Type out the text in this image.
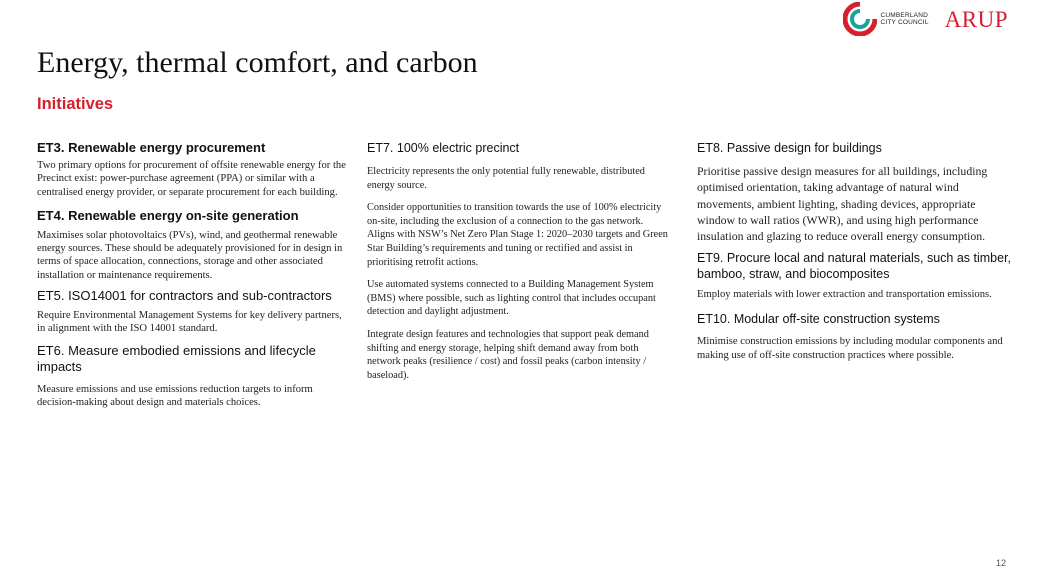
CUMBERLAND
CITY COUNCIL ARUP
Energy, thermal comfort, and carbon
Initiatives

ET3. Renewable energy procurement

Two primary options for procurement of offsite renewable energy for the Precinct exist: power-purchase agreement (PPA) or similar with a centralised energy provider, or separate procurement for each building.

ET4. Renewable energy on-site generation

Maximises solar photovoltaics (PVs), wind, and geothermal renewable energy sources. These should be adequately provisioned for in design in terms of space allocation, connections, storage and other associated installation or maintenance requirements.

ET5. ISO14001 for contractors and sub-contractors

Require Environmental Management Systems for key delivery partners, in alignment with the ISO 14001 standard.

ET6. Measure embodied emissions and lifecycle impacts

Measure emissions and use emissions reduction targets to inform decision-making about design and materials choices.

ET7. 100% electric precinct

Electricity represents the only potential fully renewable, distributed energy source.

Consider opportunities to transition towards the use of 100% electricity on-site, including the exclusion of a connection to the gas network. Aligns with NSW’s Net Zero Plan Stage 1: 2020–2030 targets and Green Star Building’s requirements and tuning or rectified and assist in prioritising retrofit actions.

Use automated systems connected to a Building Management System (BMS) where possible, such as lighting control that includes occupant detection and daylight adjustment.

Integrate design features and technologies that support peak demand shifting and energy storage, helping shift demand away from both network peaks (resilience / cost) and fossil peaks (carbon intensity / baseload).

ET8. Passive design for buildings

Prioritise passive design measures for all buildings, including optimised orientation, taking advantage of natural wind movements, ambient lighting, shading devices, appropriate window to wall ratios (WWR), and using high performance insulation and glazing to reduce overall energy consumption.

ET9. Procure local and natural materials, such as timber, bamboo, straw, and biocomposites

Employ materials with lower extraction and transportation emissions.

ET10. Modular off-site construction systems

Minimise construction emissions by including modular components and making use of off-site construction practices where possible.

12
